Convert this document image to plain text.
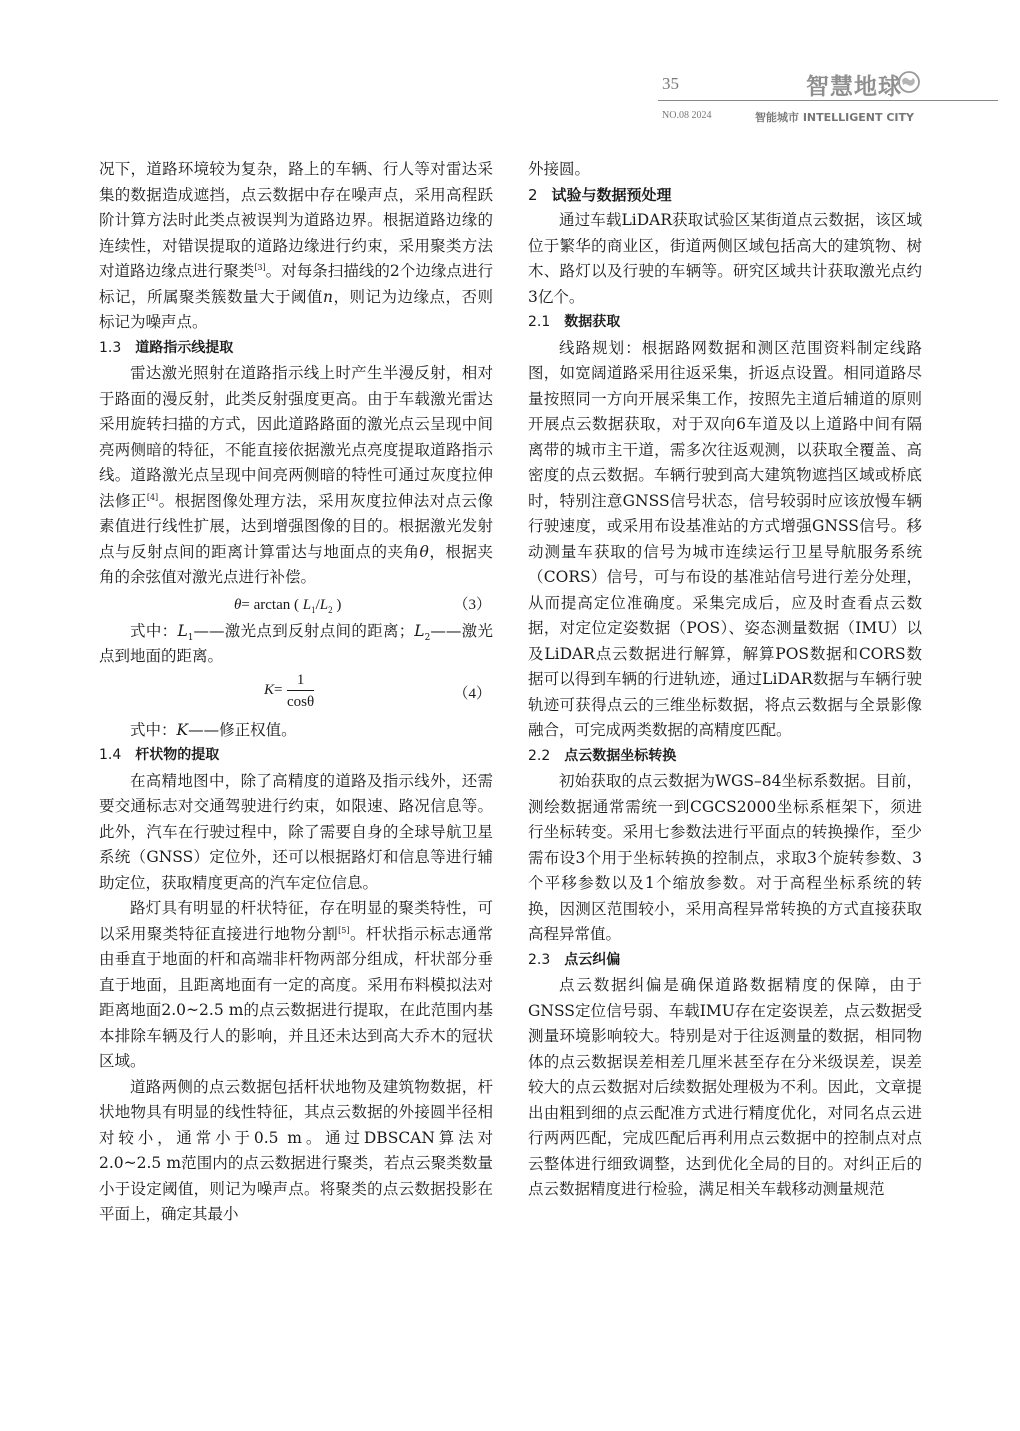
35	智慧地球
NO.08 2024	智能城市 INTELLIGENT CITY

况下，道路环境较为复杂，路上的车辆、行人等对雷达采集的数据造成遮挡，点云数据中存在噪声点，采用高程跃阶计算方法时此类点被误判为道路边界。根据道路边缘的连续性，对错误提取的道路边缘进行约束，采用聚类方法对道路边缘点进行聚类[3]。对每条扫描线的2个边缘点进行标记，所属聚类簇数量大于阈值n，则记为边缘点，否则标记为噪声点。

1.3 道路指示线提取

雷达激光照射在道路指示线上时产生半漫反射，相对于路面的漫反射，此类反射强度更高。由于车载激光雷达采用旋转扫描的方式，因此道路路面的激光点云呈现中间亮两侧暗的特征，不能直接依据激光点亮度提取道路指示线。道路激光点呈现中间亮两侧暗的特性可通过灰度拉伸法修正[4]。根据图像处理方法，采用灰度拉伸法对点云像素值进行线性扩展，达到增强图像的目的。根据激光发射点与反射点间的距离计算雷达与地面点的夹角θ，根据夹角的余弦值对激光点进行补偿。

θ= arctan ( $L_1/L_2$ )	（3）

式中：$L_1——$激光点到反射点间的距离；$L_2——$激光点到地面的距离。

$K= \frac{1}{\cos\theta}$	（4）

式中：K——修正权值。

1.4 杆状物的提取

在高精地图中，除了高精度的道路及指示线外，还需要交通标志对交通驾驶进行约束，如限速、路况信息等。此外，汽车在行驶过程中，除了需要自身的全球导航卫星系统（GNSS）定位外，还可以根据路灯和信息等进行辅助定位，获取精度更高的汽车定位信息。

路灯具有明显的杆状特征，存在明显的聚类特性，可以采用聚类特征直接进行地物分割[5]。杆状指示标志通常由垂直于地面的杆和高端非杆物两部分组成，杆状部分垂直于地面，且距离地面有一定的高度。采用布料模拟法对距离地面2.0~2.5 m的点云数据进行提取，在此范围内基本排除车辆及行人的影响，并且还未达到高大乔木的冠状区域。

道路两侧的点云数据包括杆状地物及建筑物数据，杆状地物具有明显的线性特征，其点云数据的外接圆半径相对较小，通常小于0.5 m。通过DBSCAN算法对2.0~2.5 m范围内的点云数据进行聚类，若点云聚类数量小于设定阈值，则记为噪声点。将聚类的点云数据投影在平面上，确定其最小

外接圆。

2 试验与数据预处理

通过车载LiDAR获取试验区某街道点云数据，该区域位于繁华的商业区，街道两侧区域包括高大的建筑物、树木、路灯以及行驶的车辆等。研究区域共计获取激光点约3亿个。

2.1 数据获取

线路规划：根据路网数据和测区范围资料制定线路图，如宽阔道路采用往返采集，折返点设置。相同道路尽量按照同一方向开展采集工作，按照先主道后辅道的原则开展点云数据获取，对于双向6车道及以上道路中间有隔离带的城市主干道，需多次往返观测，以获取全覆盖、高密度的点云数据。车辆行驶到高大建筑物遮挡区域或桥底时，特别注意GNSS信号状态，信号较弱时应该放慢车辆行驶速度，或采用布设基准站的方式增强GNSS信号。移动测量车获取的信号为城市连续运行卫星导航服务系统（CORS）信号，可与布设的基准站信号进行差分处理，从而提高定位准确度。采集完成后，应及时查看点云数据，对定位定姿数据（POS）、姿态测量数据（IMU）以及LiDAR点云数据进行解算，解算POS数据和CORS数据可以得到车辆的行进轨迹，通过LiDAR数据与车辆行驶轨迹可获得点云的三维坐标数据，将点云数据与全景影像融合，可完成两类数据的高精度匹配。

2.2 点云数据坐标转换

初始获取的点云数据为WGS–84坐标系数据。目前，测绘数据通常需统一到CGCS2000坐标系框架下，须进行坐标转变。采用七参数法进行平面点的转换操作，至少需布设3个用于坐标转换的控制点，求取3个旋转参数、3个平移参数以及1个缩放参数。对于高程坐标系统的转换，因测区范围较小，采用高程异常转换的方式直接获取高程异常值。

2.3 点云纠偏

点云数据纠偏是确保道路数据精度的保障，由于GNSS定位信号弱、车载IMU存在定姿误差，点云数据受测量环境影响较大。特别是对于往返测量的数据，相同物体的点云数据误差相差几厘米甚至存在分米级误差，误差较大的点云数据对后续数据处理极为不利。因此，文章提出由粗到细的点云配准方式进行精度优化，对同名点云进行两两匹配，完成匹配后再利用点云数据中的控制点对点云整体进行细致调整，达到优化全局的目的。对纠正后的点云数据精度进行检验，满足相关车载移动测量规范
